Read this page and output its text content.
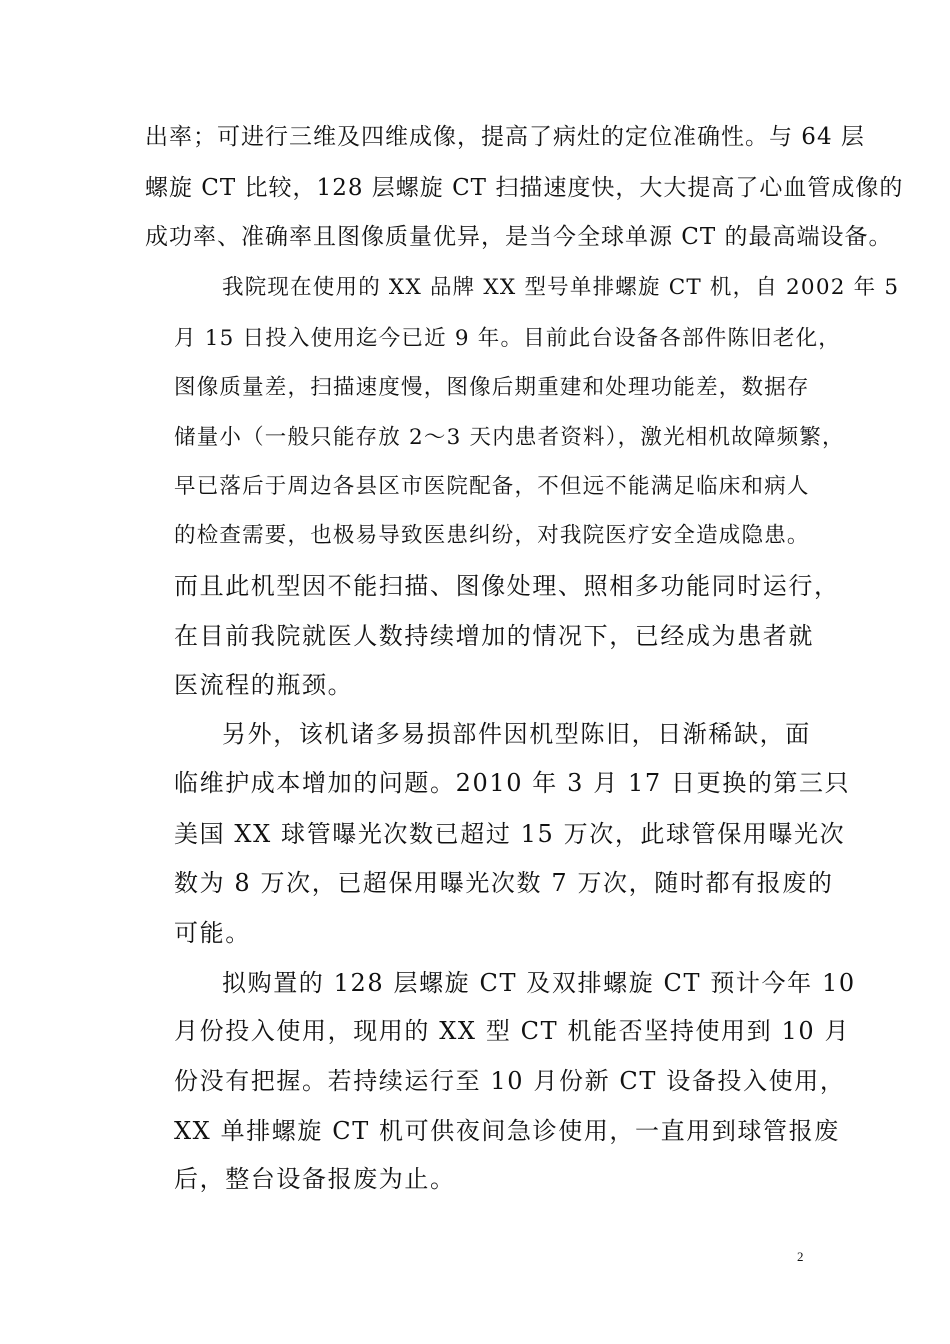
出率；可进行三维及四维成像，提高了病灶的定位准确性。与 64 层
螺旋 CT 比较，128 层螺旋 CT 扫描速度快，大大提高了心血管成像的
成功率、准确率且图像质量优异，是当今全球单源 CT 的最高端设备。
我院现在使用的 XX 品牌 XX 型号单排螺旋 CT 机，自 2002 年 5
月 15 日投入使用迄今已近 9 年。目前此台设备各部件陈旧老化，
图像质量差，扫描速度慢，图像后期重建和处理功能差，数据存
储量小（一般只能存放 2～3 天内患者资料），激光相机故障频繁，
早已落后于周边各县区市医院配备，不但远不能满足临床和病人
的检查需要，也极易导致医患纠纷，对我院医疗安全造成隐患。
而且此机型因不能扫描、图像处理、照相多功能同时运行，
在目前我院就医人数持续增加的情况下，已经成为患者就
医流程的瓶颈。
另外，该机诸多易损部件因机型陈旧，日渐稀缺，面
临维护成本增加的问题。2010 年 3 月 17 日更换的第三只
美国 XX 球管曝光次数已超过 15 万次，此球管保用曝光次
数为 8 万次，已超保用曝光次数 7 万次，随时都有报废的
可能。
拟购置的 128 层螺旋 CT 及双排螺旋 CT 预计今年 10
月份投入使用，现用的 XX 型 CT 机能否坚持使用到 10 月
份没有把握。若持续运行至 10 月份新 CT 设备投入使用，
XX 单排螺旋 CT 机可供夜间急诊使用，一直用到球管报废
后，整台设备报废为止。
2
